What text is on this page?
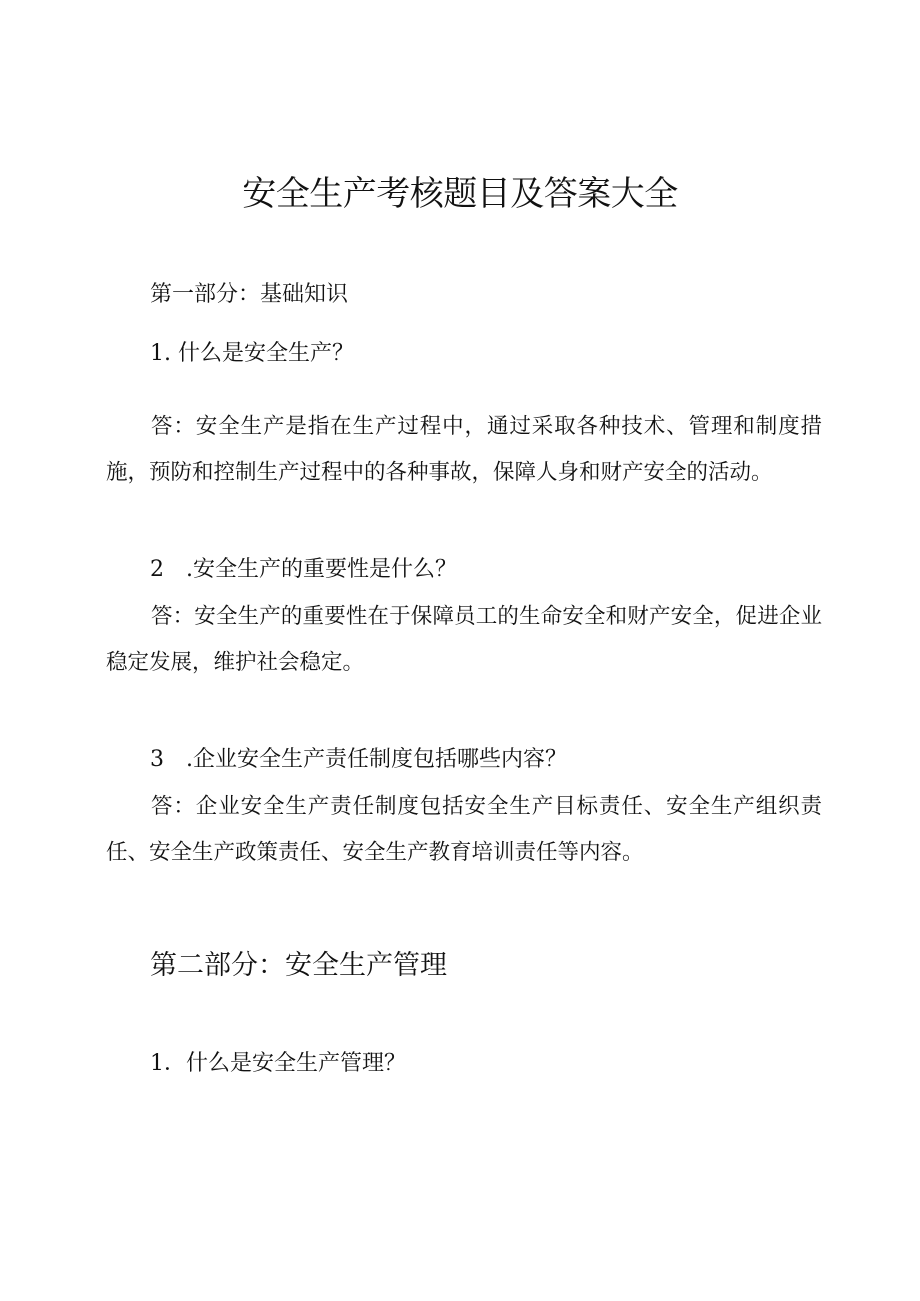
安全生产考核题目及答案大全
第一部分：基础知识
1. 什么是安全生产？

答：安全生产是指在生产过程中，通过采取各种技术、管理和制度措施，预防和控制生产过程中的各种事故，保障人身和财产安全的活动。

2　.安全生产的重要性是什么？

答：安全生产的重要性在于保障员工的生命安全和财产安全，促进企业稳定发展，维护社会稳定。

3　.企业安全生产责任制度包括哪些内容？

答：企业安全生产责任制度包括安全生产目标责任、安全生产组织责任、安全生产政策责任、安全生产教育培训责任等内容。

第二部分：安全生产管理
1．什么是安全生产管理？
